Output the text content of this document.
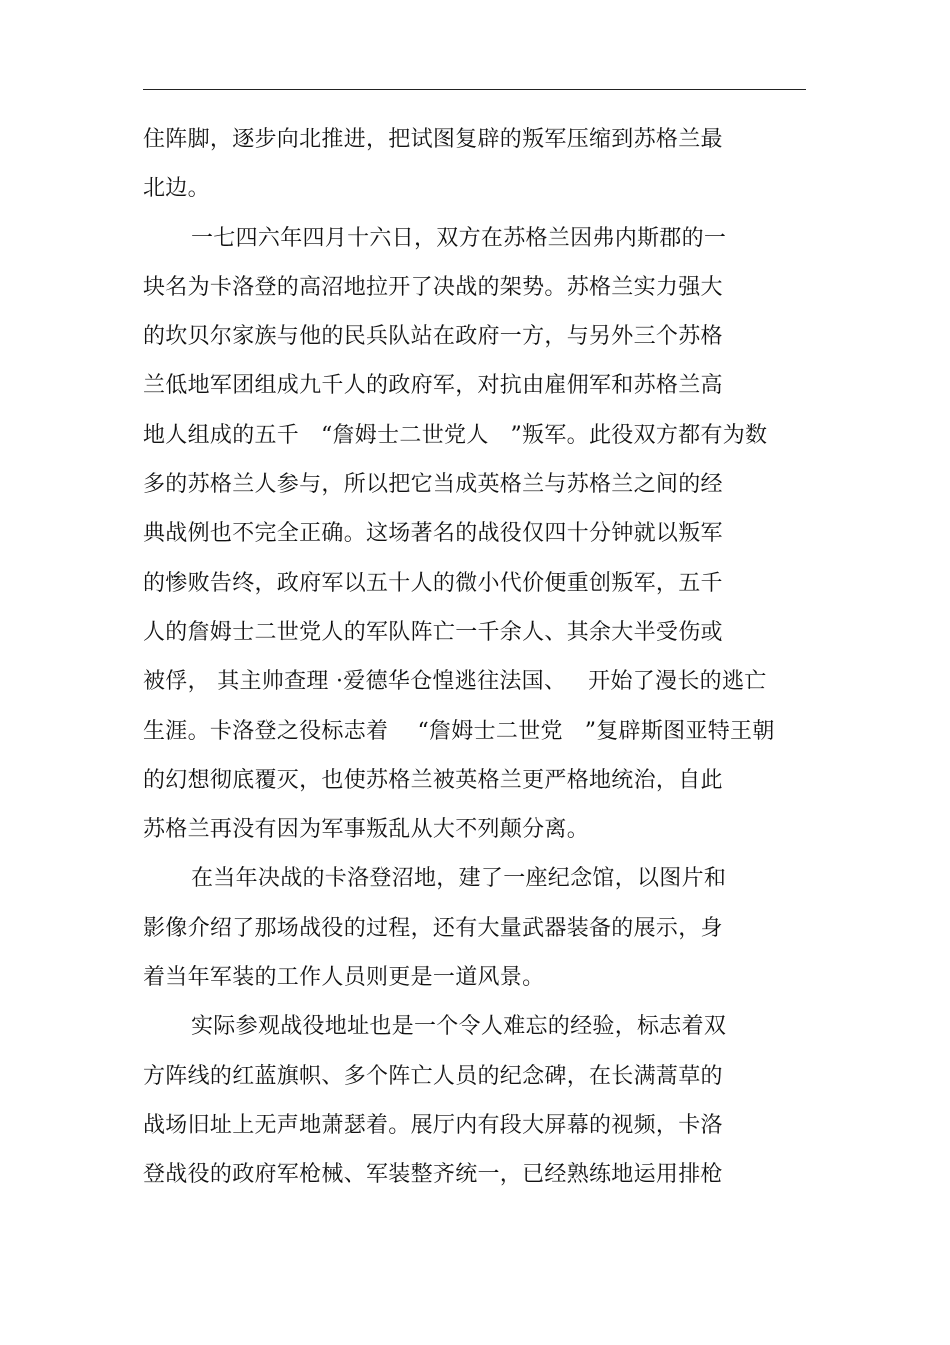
住阵脚，逐步向北推进，把试图复辟的叛军压缩到苏格兰最
北边。
一七四六年四月十六日，双方在苏格兰因弗内斯郡的一
块名为卡洛登的高沼地拉开了决战的架势。苏格兰实力强大
的坎贝尔家族与他的民兵队站在政府一方，与另外三个苏格
兰低地军团组成九千人的政府军，对抗由雇佣军和苏格兰高
地人组成的五千   “詹姆士二世党人   ”叛军。此役双方都有为数
多的苏格兰人参与，所以把它当成英格兰与苏格兰之间的经
典战例也不完全正确。这场著名的战役仅四十分钟就以叛军
的惨败告终，政府军以五十人的微小代价便重创叛军，五千
人的詹姆士二世党人的军队阵亡一千余人、其余大半受伤或
被俘， 其主帅查理 ·爱德华仓惶逃往法国、   开始了漫长的逃亡
生涯。卡洛登之役标志着    “詹姆士二世党   ”复辟斯图亚特王朝
的幻想彻底覆灭，也使苏格兰被英格兰更严格地统治，自此
苏格兰再没有因为军事叛乱从大不列颠分离。
在当年决战的卡洛登沼地，建了一座纪念馆，以图片和
影像介绍了那场战役的过程，还有大量武器装备的展示，身
着当年军装的工作人员则更是一道风景。
实际参观战役地址也是一个令人难忘的经验，标志着双
方阵线的红蓝旗帜、多个阵亡人员的纪念碑，在长满蒿草的
战场旧址上无声地萧瑟着。展厅内有段大屏幕的视频，卡洛
登战役的政府军枪械、军装整齐统一，已经熟练地运用排枪
